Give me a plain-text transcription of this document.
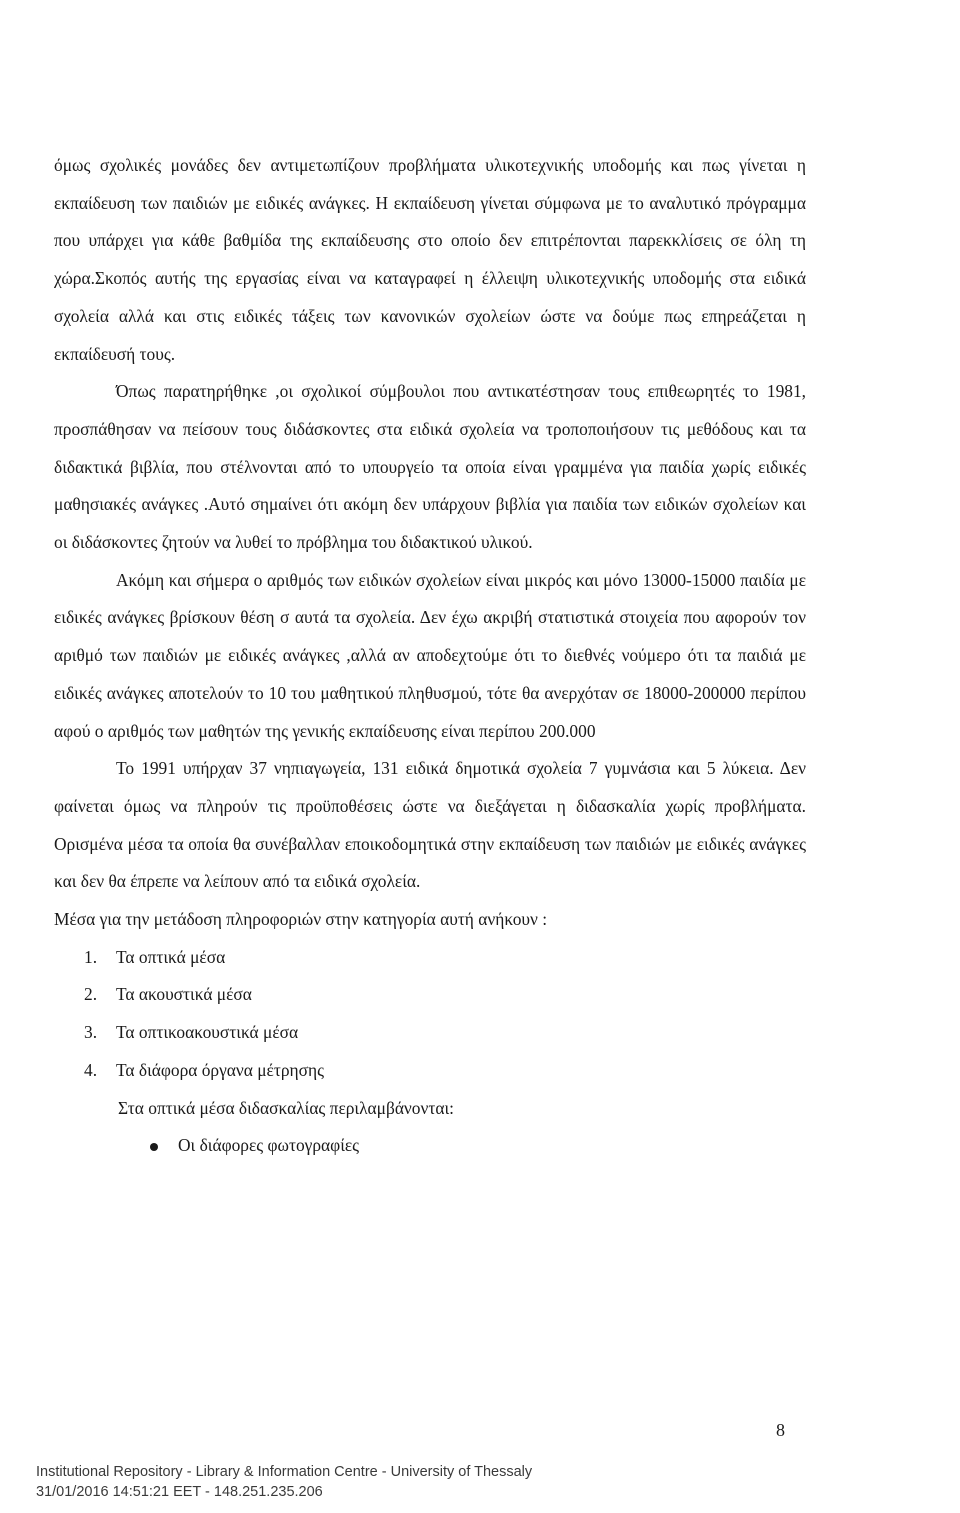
όμως σχολικές μονάδες δεν αντιμετωπίζουν προβλήματα υλικοτεχνικής υποδομής και πως γίνεται η εκπαίδευση των παιδιών με ειδικές ανάγκες. Η εκπαίδευση γίνεται σύμφωνα με το αναλυτικό πρόγραμμα που υπάρχει για κάθε βαθμίδα της εκπαίδευσης στο οποίο δεν επιτρέπονται παρεκκλίσεις σε όλη τη χώρα.Σκοπός αυτής της εργασίας είναι να καταγραφεί η έλλειψη υλικοτεχνικής υποδομής στα ειδικά σχολεία αλλά και στις ειδικές τάξεις των κανονικών σχολείων ώστε να δούμε πως επηρεάζεται η εκπαίδευσή τους.

Όπως παρατηρήθηκε ,οι σχολικοί σύμβουλοι που αντικατέστησαν τους επιθεωρητές το 1981, προσπάθησαν να πείσουν τους διδάσκοντες στα ειδικά σχολεία να τροποποιήσουν τις μεθόδους και τα διδακτικά βιβλία, που στέλνονται από το υπουργείο τα οποία είναι γραμμένα για παιδία χωρίς ειδικές μαθησιακές ανάγκες .Αυτό σημαίνει ότι ακόμη δεν υπάρχουν βιβλία για παιδία των ειδικών σχολείων και οι διδάσκοντες ζητούν να λυθεί το πρόβλημα του διδακτικού υλικού.

Ακόμη και σήμερα ο αριθμός των ειδικών σχολείων είναι μικρός και μόνο 13000-15000 παιδία με ειδικές ανάγκες βρίσκουν θέση σ αυτά τα σχολεία. Δεν έχω ακριβή στατιστικά στοιχεία που αφορούν τον αριθμό των παιδιών με ειδικές ανάγκες ,αλλά αν αποδεχτούμε ότι το διεθνές νούμερο ότι τα παιδιά με ειδικές ανάγκες αποτελούν το 10 του μαθητικού πληθυσμού, τότε θα ανερχόταν σε 18000-200000 περίπου αφού ο αριθμός των μαθητών της γενικής εκπαίδευσης είναι περίπου 200.000

Το 1991 υπήρχαν 37 νηπιαγωγεία, 131 ειδικά δημοτικά σχολεία 7 γυμνάσια και 5 λύκεια. Δεν φαίνεται όμως να πληρούν τις προϋποθέσεις ώστε να διεξάγεται η διδασκαλία χωρίς προβλήματα. Ορισμένα μέσα τα οποία θα συνέβαλλαν εποικοδομητικά στην εκπαίδευση των παιδιών με ειδικές ανάγκες και δεν θα έπρεπε να λείπουν από τα ειδικά σχολεία.

Μέσα για την μετάδοση πληροφοριών στην κατηγορία αυτή ανήκουν :

1. Τα οπτικά μέσα
2. Τα ακουστικά μέσα
3. Τα οπτικοακουστικά μέσα
4. Τα διάφορα όργανα μέτρησης

Στα οπτικά μέσα διδασκαλίας περιλαμβάνονται:

Οι διάφορες φωτογραφίες
8
Institutional Repository - Library & Information Centre - University of Thessaly
31/01/2016 14:51:21 EET - 148.251.235.206
